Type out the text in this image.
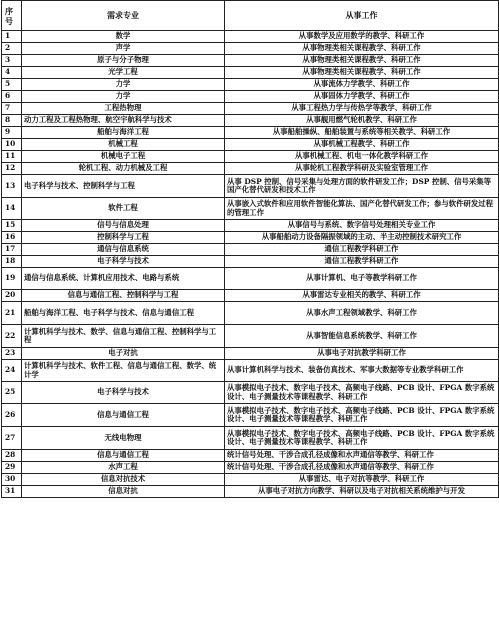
序号	需求专业	从事工作
1	数学	从事数学及应用数学的教学、科研工作
2	声学	从事物理类相关课程教学、科研工作
3	原子与分子物理	从事物理类相关课程教学、科研工作
4	光学工程	从事物理类相关课程教学、科研工作
5	力学	从事流体力学教学、科研工作
6	力学	从事固体力学教学、科研工作
7	工程热物理	从事工程热力学与传热学等教学、科研工作
8	动力工程及工程热物理、航空宇航科学与技术	从事舰用燃气轮机教学、科研工作
9	船舶与海洋工程	从事船舶操纵、船舶装置与系统等相关教学、科研工作
10	机械工程	从事机械工程教学、科研工作
11	机械电子工程	从事机械工程、机电一体化教学科研工作
12	轮机工程、动力机械及工程	从事轮机工程教学科研及实验室管理工作
13	电子科学与技术、控制科学与工程	从事 DSP 控制、信号采集与处理方面的软件研发工作；DSP 控制、信号采集等国产化替代研发和技术工作
14	软件工程	从事嵌入式软件和应用软件智能化算法、国产化替代研发工作；参与软件研发过程的管理工作
15	信号与信息处理	从事信号与系统、数字信号处理相关专业工作
16	控制科学与工程	从事船舶动力设备隔振领域的主动、半主动控制技术研究工作
17	通信与信息系统	通信工程教学科研工作
18	电子科学与技术	通信工程教学科研工作
19	通信与信息系统、计算机应用技术、电路与系统	从事计算机、电子等教学科研工作
20	信息与通信工程、控制科学与工程	从事雷达专业相关的教学、科研工作
21	船舶与海洋工程、电子科学与技术、信息与通信工程	从事水声工程领域教学、科研工作
22	计算机科学与技术、数学、信息与通信工程、控制科学与工程	从事智能信息系统教学、科研工作
23	电子对抗	从事电子对抗教学科研工作
24	计算机科学与技术、软件工程、信息与通信工程、数学、统计学	从事计算机科学与技术、装备仿真技术、军事大数据等专业教学科研工作
25	电子科学与技术	从事模拟电子技术、数字电子技术、高频电子线路、PCB 设计、FPGA 数字系统设计、电子测量技术等课程教学、科研工作
26	信息与通信工程	从事模拟电子技术、数字电子技术、高频电子线路、PCB 设计、FPGA 数字系统设计、电子测量技术等课程教学、科研工作
27	无线电物理	从事模拟电子技术、数字电子技术、高频电子线路、PCB 设计、FPGA 数字系统设计、电子测量技术等课程教学、科研工作
28	信息与通信工程	统计信号处理、干涉合成孔径成像和水声通信等教学、科研工作
29	水声工程	统计信号处理、干涉合成孔径成像和水声通信等教学、科研工作
30	信息对抗技术	从事雷达、电子对抗等教学、科研工作
31	信息对抗	从事电子对抗方向教学、科研以及电子对抗相关系统维护与开发
